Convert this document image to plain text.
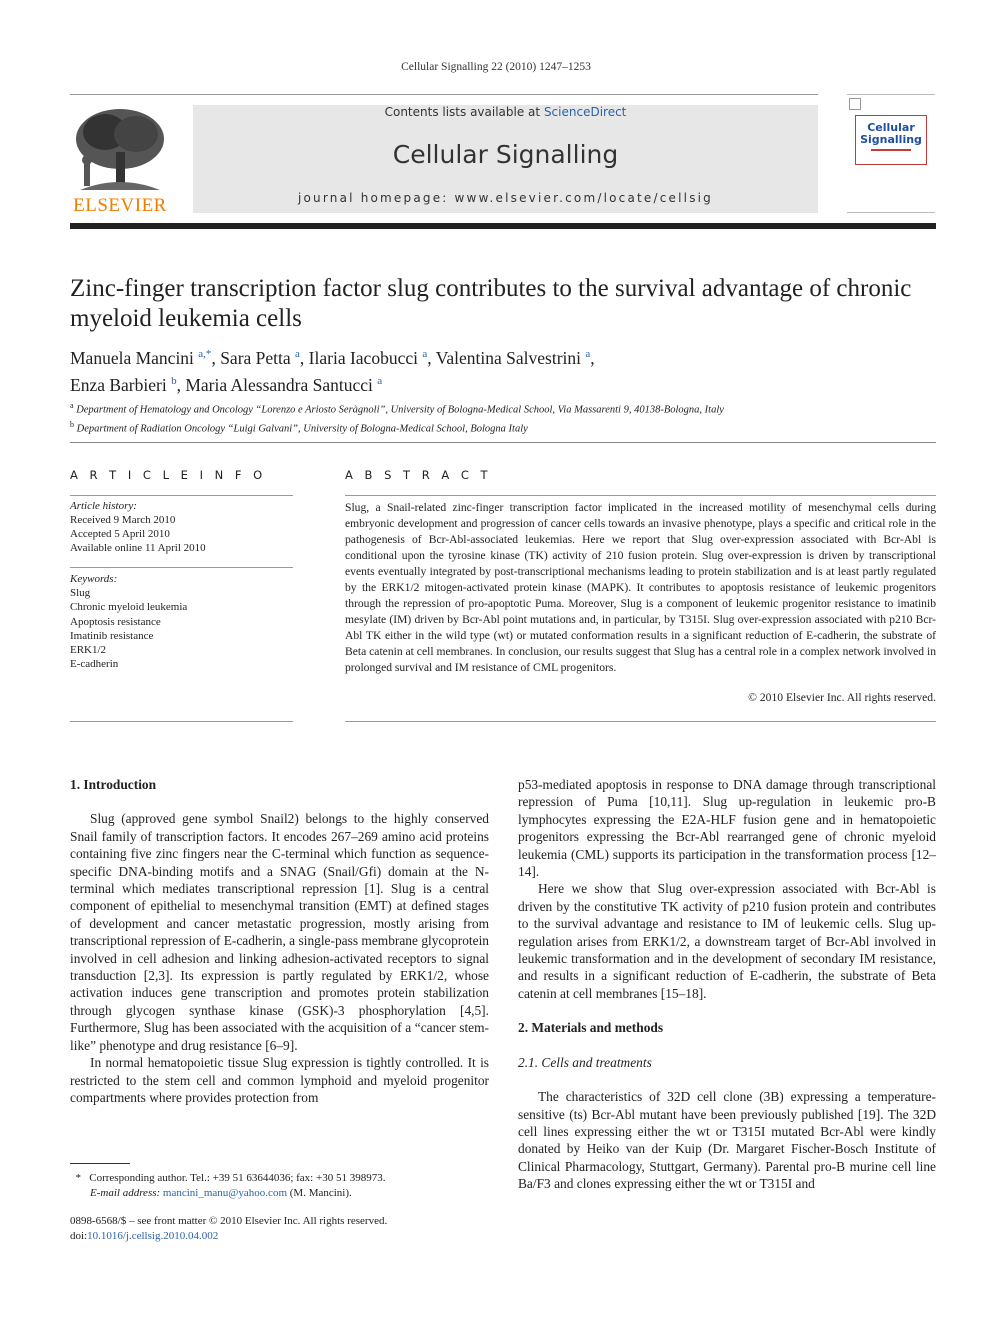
Cellular Signalling 22 (2010) 1247–1253
ELSEVIER
Contents lists available at ScienceDirect
Cellular Signalling
journal homepage: www.elsevier.com/locate/cellsig
Cellular
Signalling
Zinc-finger transcription factor slug contributes to the survival advantage of chronic myeloid leukemia cells
Manuela Mancini $^{a,*}$, Sara Petta $^a$, Ilaria Iacobucci $^a$, Valentina Salvestrini $^a$,
Enza Barbieri $^b$, Maria Alessandra Santucci $^a$
$^a$ Department of Hematology and Oncology “Lorenzo e Ariosto Seràgnoli”, University of Bologna-Medical School, Via Massarenti 9, 40138-Bologna, Italy
$^b$ Department of Radiation Oncology “Luigi Galvani”, University of Bologna-Medical School, Bologna Italy
A R T I C L E I N F O	A B S T R A C T
Article history:
Received 9 March 2010
Accepted 5 April 2010
Available online 11 April 2010
Keywords:
Slug
Chronic myeloid leukemia
Apoptosis resistance
Imatinib resistance
ERK1/2
E-cadherin
Slug, a Snail-related zinc-finger transcription factor implicated in the increased motility of mesenchymal cells during embryonic development and progression of cancer cells towards an invasive phenotype, plays a specific and critical role in the pathogenesis of Bcr-Abl-associated leukemias. Here we report that Slug over-expression associated with Bcr-Abl is conditional upon the tyrosine kinase (TK) activity of 210 fusion protein. Slug over-expression is driven by transcriptional events eventually integrated by post-transcriptional mechanisms leading to protein stabilization and is at least partly regulated by the ERK1/2 mitogen-activated protein kinase (MAPK). It contributes to apoptosis resistance of leukemic progenitors through the repression of pro-apoptotic Puma. Moreover, Slug is a component of leukemic progenitor resistance to imatinib mesylate (IM) driven by Bcr-Abl point mutations and, in particular, by T315I. Slug over-expression associated with p210 Bcr-Abl TK either in the wild type (wt) or mutated conformation results in a significant reduction of E-cadherin, the substrate of Beta catenin at cell membranes. In conclusion, our results suggest that Slug has a central role in a complex network involved in prolonged survival and IM resistance of CML progenitors.
© 2010 Elsevier Inc. All rights reserved.
1. Introduction

Slug (approved gene symbol Snail2) belongs to the highly conserved Snail family of transcription factors. It encodes 267–269 amino acid proteins containing five zinc fingers near the C-terminal which function as sequence-specific DNA-binding motifs and a SNAG (Snail/Gfi) domain at the N-terminal which mediates transcriptional repression [1]. Slug is a central component of epithelial to mesenchymal transition (EMT) at defined stages of development and cancer metastatic progression, mostly arising from transcriptional repression of E-cadherin, a single-pass membrane glycoprotein involved in cell adhesion and linking adhesion-activated receptors to signal transduction [2,3]. Its expression is partly regulated by ERK1/2, whose activation induces gene transcription and promotes protein stabilization through glycogen synthase kinase (GSK)-3 phosphorylation [4,5]. Furthermore, Slug has been associated with the acquisition of a “cancer stem-like” phenotype and drug resistance [6–9].

In normal hematopoietic tissue Slug expression is tightly controlled. It is restricted to the stem cell and common lymphoid and myeloid progenitor compartments where provides protection from

p53-mediated apoptosis in response to DNA damage through transcriptional repression of Puma [10,11]. Slug up-regulation in leukemic pro-B lymphocytes expressing the E2A-HLF fusion gene and in hematopoietic progenitors expressing the Bcr-Abl rearranged gene of chronic myeloid leukemia (CML) supports its participation in the transformation process [12–14].

Here we show that Slug over-expression associated with Bcr-Abl is driven by the constitutive TK activity of p210 fusion protein and contributes to the survival advantage and resistance to IM of leukemic cells. Slug up-regulation arises from ERK1/2, a downstream target of Bcr-Abl involved in leukemic transformation and in the development of secondary IM resistance, and results in a significant reduction of E-cadherin, the substrate of Beta catenin at cell membranes [15–18].

2. Materials and methods
2.1. Cells and treatments

The characteristics of 32D cell clone (3B) expressing a temperature-sensitive (ts) Bcr-Abl mutant have been previously published [19]. The 32D cell lines expressing either the wt or T315I mutated Bcr-Abl were kindly donated by Heiko van der Kuip (Dr. Margaret Fischer-Bosch Institute of Clinical Pharmacology, Stuttgart, Germany). Parental pro-B murine cell line Ba/F3 and clones expressing either the wt or T315I and

* Corresponding author. Tel.: +39 51 63644036; fax: +30 51 398973.
E-mail address: mancini_manu@yahoo.com (M. Mancini).
0898-6568/$ – see front matter © 2010 Elsevier Inc. All rights reserved.
doi:10.1016/j.cellsig.2010.04.002
